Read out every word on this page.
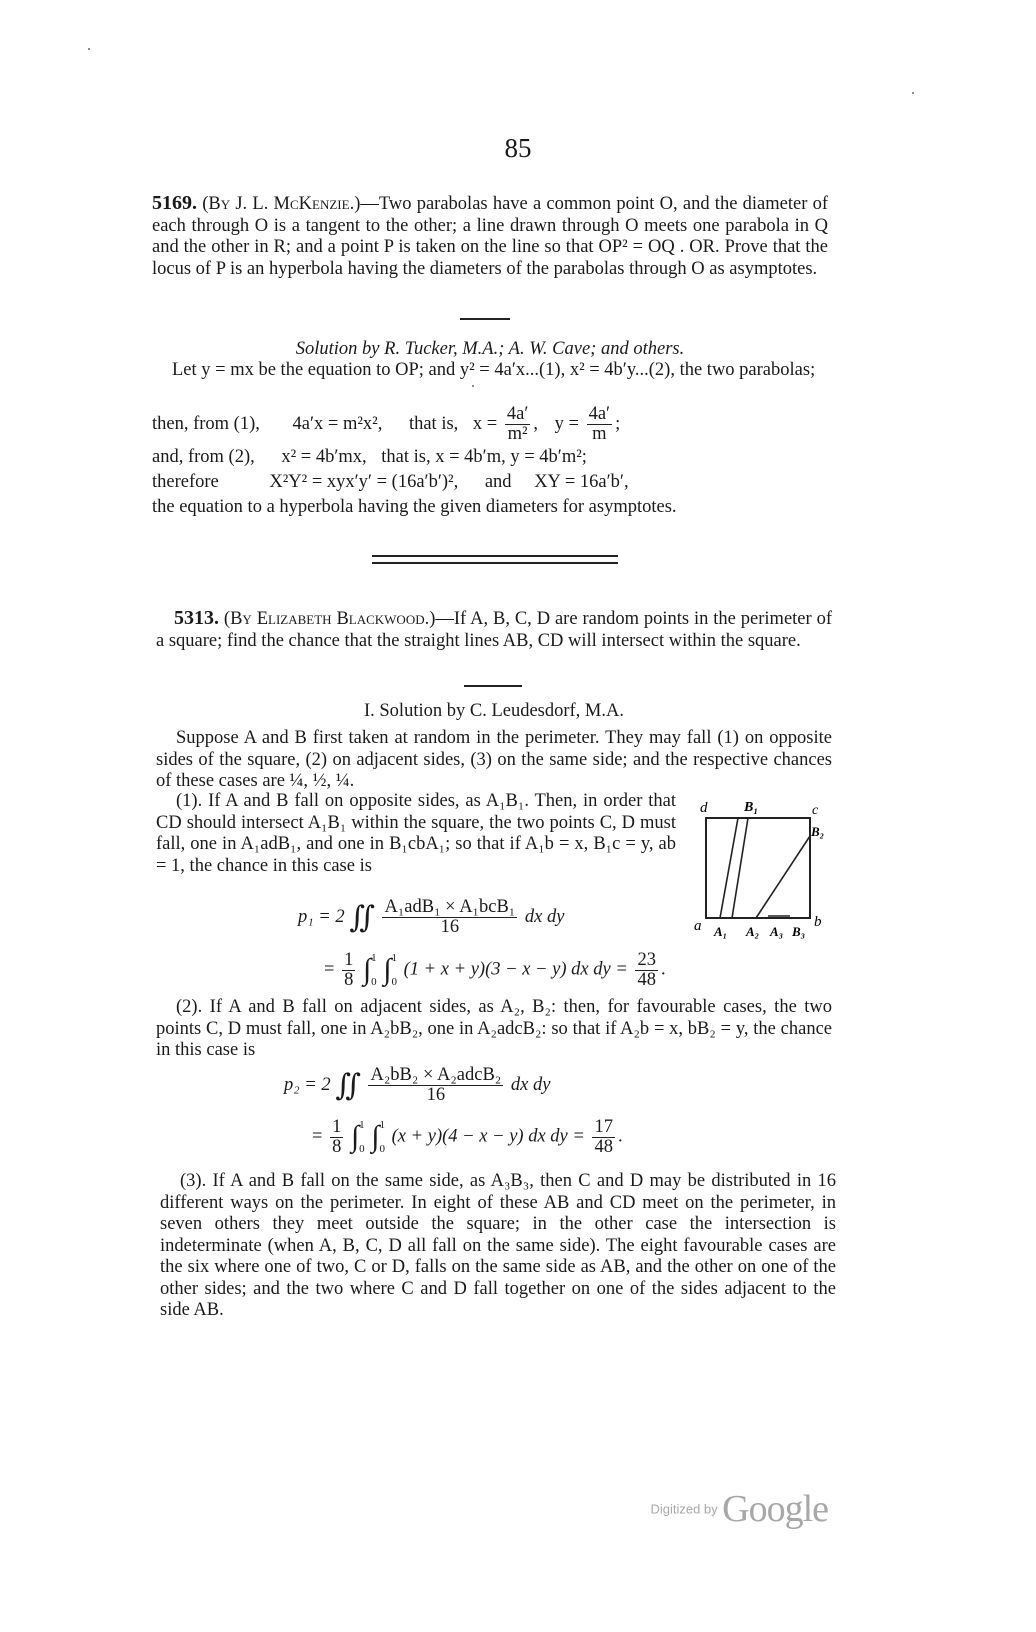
85

5169. (By J. L. McKenzie.)—Two parabolas have a common point O, and the diameter of each through O is a tangent to the other; a line drawn through O meets one parabola in Q and the other in R; and a point P is taken on the line so that OP² = OQ . OR. Prove that the locus of P is an hyperbola having the diameters of the parabolas through O as asymptotes.

Solution by R. Tucker, M.A.; A. W. Cave; and others.
Let y = mx be the equation to OP; and y² = 4a′x...(1), x² = 4b′y...(2), the two parabolas;
then, from (1), 4a′x = m²x², that is, $x = \frac{4a'}{\text{m²}}$ , $y = \frac{4a'}{m}$ ;
and, from (2), x² = 4b′mx, that is, x = 4b′m, y = 4b′m²;
therefore	X²Y² = xyx′y′ = (16a′b′)², and XY = 16a′b′,
the equation to a hyperbola having the given diameters for asymptotes.

5313. (By Elizabeth Blackwood.)—If A, B, C, D are random points in the perimeter of a square; find the chance that the straight lines AB, CD will intersect within the square.

I. Solution by C. Leudesdorf, M.A.
Suppose A and B first taken at random in the perimeter. They may fall (1) on opposite sides of the square, (2) on adjacent sides, (3) on the same side; and the respective chances of these cases are ¼, ½, ¼.
(1). If A and B fall on opposite sides, as A₁B₁. Then, in order that CD should intersect A₁B₁ within the square, the two points C, D must fall, one in A₁adB₁, and one in B₁cbA₁; so that if A₁b = x, B₁c = y, ab = 1, the chance in this case is
d	B₁	c
B₂
a A₁ A₂ A₃ B₃
b
p₁ = 2 ∬ $\frac{\text{A₁adB₁ × A₁bcB₁}}{16}$ dx dy
= $\frac{1}{8}$ ∫ 1
0 ∫ 1
0
(1 + x + y)(3 − x − y) dx dy = $\frac{23}{48}$ .
(2). If A and B fall on adjacent sides, as A₂, B₂: then, for favourable cases, the two points C, D must fall, one in A₂bB₂, one in A₂adcB₂: so that if A₂b = x, bB₂ = y, the chance in this case is
p₂ = 2 ∬ $\frac{\text{A₂bB₂ × A₂adcB₂}}{16}$ dx dy
= $\frac{1}{8}$ ∫ 1
0 ∫ 1
0
(x + y)(4 − x − y) dx dy = $\frac{17}{48}$ .
(3). If A and B fall on the same side, as A₃B₃, then C and D may be distributed in 16 different ways on the perimeter. In eight of these AB and CD meet on the perimeter, in seven others they meet outside the square; in the other case the intersection is indeterminate (when A, B, C, D all fall on the same side). The eight favourable cases are the six where one of two, C or D, falls on the same side as AB, and the other on one of the other sides; and the two where C and D fall together on one of the sides adjacent to the side AB.
Digitized by Google
